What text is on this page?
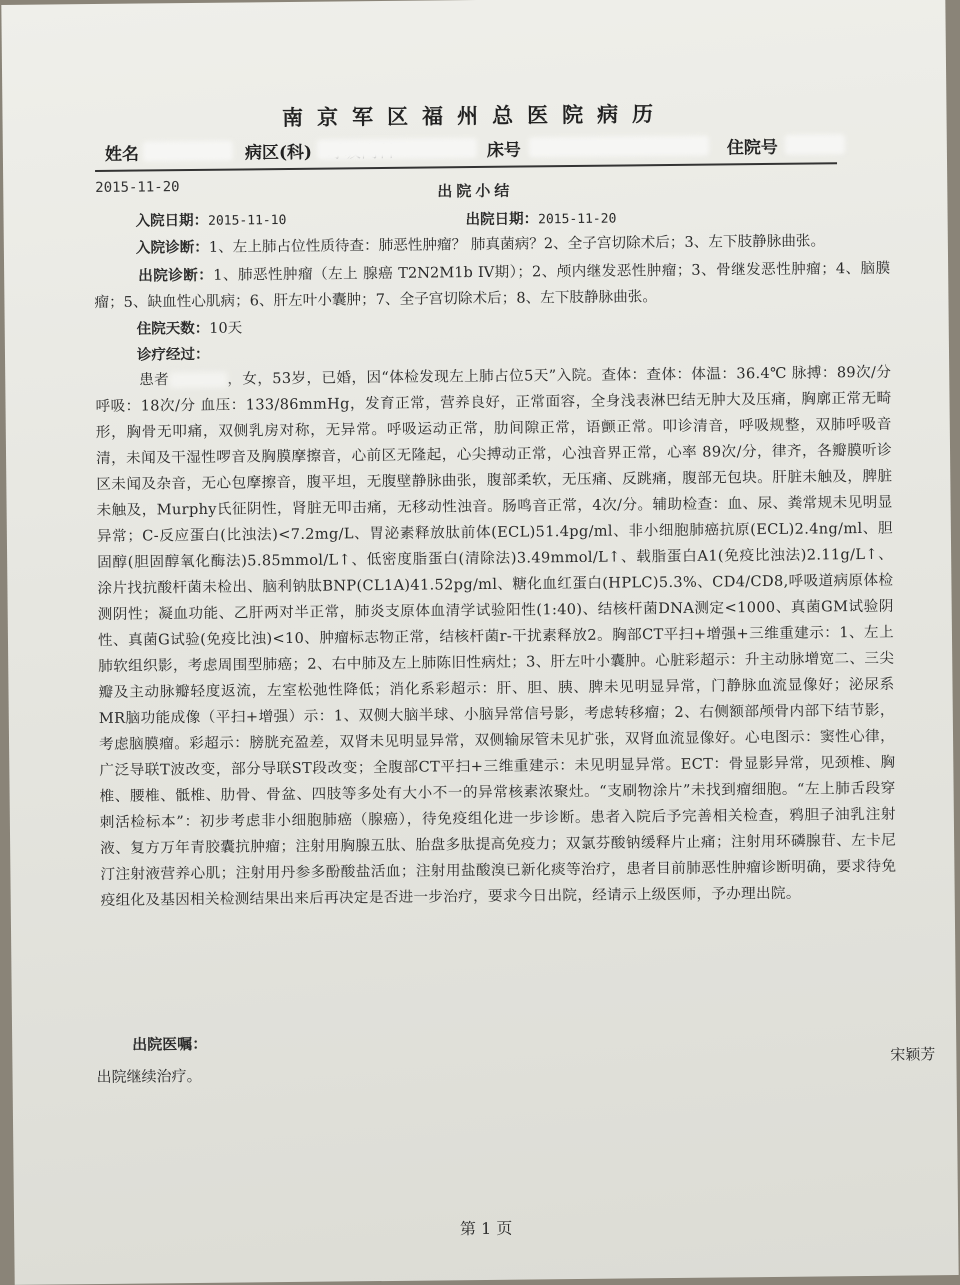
南京军区福州总医院病历
姓名	病区(科)	床号	住院号
2015-11-20	出院小结
入院日期：2015-11-10	出院日期：2015-11-20
入院诊断：1、左上肺占位性质待查：肺恶性肿瘤？ 肺真菌病？2、全子宫切除术后；3、左下肢静脉曲张。
出院诊断：1、肺恶性肿瘤（左上 腺癌 T2N2M1b IV期）；2、颅内继发恶性肿瘤；3、骨继发恶性肿瘤；4、脑膜瘤；5、缺血性心肌病；6、肝左叶小囊肿；7、全子宫切除术后；8、左下肢静脉曲张。
住院天数：10天
诊疗经过：
患者	，女，53岁，已婚，因“体检发现左上肺占位5天”入院。查体：查体：体温：36.4℃ 脉搏：89次/分 呼吸：18次/分 血压：133/86mmHg，发育正常，营养良好，正常面容，全身浅表淋巴结无肿大及压痛，胸廓正常无畸形，胸骨无叩痛，双侧乳房对称，无异常。呼吸运动正常，肋间隙正常，语颤正常。叩诊清音，呼吸规整，双肺呼吸音清，未闻及干湿性啰音及胸膜摩擦音，心前区无隆起，心尖搏动正常，心浊音界正常，心率 89次/分，律齐，各瓣膜听诊区未闻及杂音，无心包摩擦音，腹平坦，无腹壁静脉曲张，腹部柔软，无压痛、反跳痛，腹部无包块。肝脏未触及，脾脏未触及，Murphy氏征阴性，肾脏无叩击痛，无移动性浊音。肠鸣音正常，4次/分。辅助检查：血、尿、粪常规未见明显异常；C-反应蛋白(比浊法)<7.2mg/L、胃泌素释放肽前体(ECL)51.4pg/ml、非小细胞肺癌抗原(ECL)2.4ng/ml、胆固醇(胆固醇氧化酶法)5.85mmol/L↑、低密度脂蛋白(清除法)3.49mmol/L↑、载脂蛋白A1(免疫比浊法)2.11g/L↑、涂片找抗酸杆菌未检出、脑利钠肽BNP(CL1A)41.52pg/ml、糖化血红蛋白(HPLC)5.3%、CD4/CD8,呼吸道病原体检测阴性；凝血功能、乙肝两对半正常，肺炎支原体血清学试验阳性(1:40)、结核杆菌DNA测定<1000、真菌GM试验阴性、真菌G试验(免疫比浊)<10、肿瘤标志物正常，结核杆菌r-干扰素释放2。胸部CT平扫+增强+三维重建示：1、左上肺软组织影，考虑周围型肺癌；2、右中肺及左上肺陈旧性病灶；3、肝左叶小囊肿。心脏彩超示：升主动脉增宽二、三尖瓣及主动脉瓣轻度返流，左室松弛性降低；消化系彩超示：肝、胆、胰、脾未见明显异常，门静脉血流显像好；泌尿系MR脑功能成像（平扫+增强）示：1、双侧大脑半球、小脑异常信号影，考虑转移瘤；2、右侧额部颅骨内部下结节影，考虑脑膜瘤。彩超示：膀胱充盈差，双肾未见明显异常，双侧输尿管未见扩张，双肾血流显像好。心电图示：窦性心律，广泛导联T波改变，部分导联ST段改变；全腹部CT平扫+三维重建示：未见明显异常。ECT：骨显影异常，见颈椎、胸椎、腰椎、骶椎、肋骨、骨盆、四肢等多处有大小不一的异常核素浓聚灶。“支刷物涂片”未找到瘤细胞。“左上肺舌段穿刺活检标本”：初步考虑非小细胞肺癌（腺癌），待免疫组化进一步诊断。患者入院后予完善相关检查，鸦胆子油乳注射液、复方万年青胶囊抗肿瘤；注射用胸腺五肽、胎盘多肽提高免疫力；双氯芬酸钠缓释片止痛；注射用环磷腺苷、左卡尼汀注射液营养心肌；注射用丹参多酚酸盐活血；注射用盐酸溴已新化痰等治疗，患者目前肺恶性肿瘤诊断明确，要求待免疫组化及基因相关检测结果出来后再决定是否进一步治疗，要求今日出院，经请示上级医师，予办理出院。
出院医嘱：
出院继续治疗。
宋颖芳
第 1 页
